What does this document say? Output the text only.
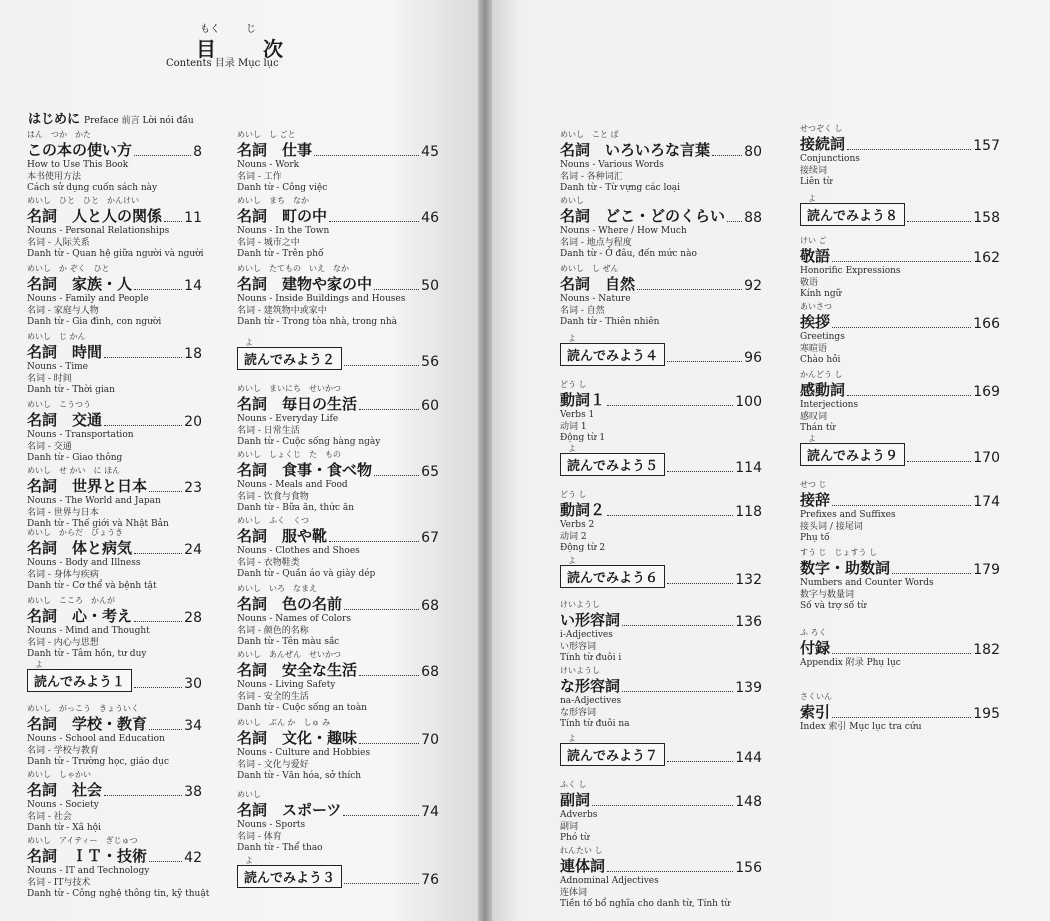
もく	じ
目 次
Contents 目录 Mục lục
はじめに Preface 前言 Lời nói đầu
はん　つか　かた
この本の使い方	8
How to Use This Book
本书使用方法
Cách sử dụng cuốn sách này
めいし　ひと　ひと　かんけい
名詞　人と人の関係 11
Nouns - Personal Relationships
名词 - 人际关系
Danh từ - Quan hệ giữa người và người
めいし　か ぞく　ひと
名詞　家族・人	14
Nouns - Family and People
名词 - 家庭与人物
Danh từ - Gia đình, con người
めいし　じ かん
名詞　時間	18
Nouns - Time
名词 - 时间
Danh từ - Thời gian
めいし　こうつう
名詞　交通	20
Nouns - Transportation
名词 - 交通
Danh từ - Giao thông
めいし　せ かい　に ほん
名詞　世界と日本	23
Nouns - The World and Japan
名词 - 世界与日本
Danh từ - Thế giới và Nhật Bản
めいし　からだ　びょうき
名詞　体と病気	24
Nouns - Body and Illness
名词 - 身体与疾病
Danh từ - Cơ thể và bệnh tật
めいし　こころ　かんが
名詞　心・考え	28
Nouns - Mind and Thought
名词 - 内心与思想
Danh từ - Tâm hồn, tư duy
よ
読んでみよう１	30
めいし　がっこう　きょういく
名詞　学校・教育	34
Nouns - School and Education
名词 - 学校与教育
Danh từ - Trường học, giáo dục
めいし　しゃかい
名詞　社会	38
Nouns - Society
名词 - 社会
Danh từ - Xã hội
めいし　アイティー　ぎじゅつ
名詞　ＩＴ・技術	42
Nouns - IT and Technology
名词 - IT与技术
Danh từ - Công nghệ thông tin, kỹ thuật
めいし　し ごと
名詞　仕事	45
Nouns - Work
名词 - 工作
Danh từ - Công việc
めいし　まち　なか
名詞　町の中	46
Nouns - In the Town
名词 - 城市之中
Danh từ - Trên phố
めいし　たてもの　いえ　なか
名詞　建物や家の中	50
Nouns - Inside Buildings and Houses
名词 - 建筑物中或家中
Danh từ - Trong tòa nhà, trong nhà
よ
読んでみよう２	56
めいし　まいにち　せいかつ
名詞　毎日の生活	60
Nouns - Everyday Life
名词 - 日常生活
Danh từ - Cuộc sống hàng ngày
めいし　しょくじ　た　もの
名詞　食事・食べ物	65
Nouns - Meals and Food
名词 - 饮食与食物
Danh từ - Bữa ăn, thức ăn
めいし　ふく　くつ
名詞　服や靴	67
Nouns - Clothes and Shoes
名词 - 衣物鞋类
Danh từ - Quần áo và giày dép
めいし　いろ　なまえ
名詞　色の名前	68
Nouns - Names of Colors
名词 - 颜色的名称
Danh từ - Tên màu sắc
めいし　あんぜん　せいかつ
名詞　安全な生活	68
Nouns - Living Safety
名词 - 安全的生活
Danh từ - Cuộc sống an toàn
めいし　ぶん か　しゅ み
名詞　文化・趣味	70
Nouns - Culture and Hobbies
名词 - 文化与爱好
Danh từ - Văn hóa, sở thích
めいし
名詞　スポーツ	74
Nouns - Sports
名词 - 体育
Danh từ - Thể thao
よ
読んでみよう３	76
めいし　こと ば
名詞　いろいろな言葉 80
Nouns - Various Words
名词 - 各种词汇
Danh từ - Từ vựng các loại
めいし
名詞　どこ・どのくらい 88
Nouns - Where / How Much
名词 - 地点与程度
Danh từ - Ở đâu, đến mức nào
めいし　し ぜん
名詞　自然	92
Nouns - Nature
名词 - 自然
Danh từ - Thiên nhiên
よ
読んでみよう４	96
どう し
動詞１	100
Verbs 1
动词 1
Động từ 1
よ
読んでみよう５	114
どう し
動詞２	118
Verbs 2
动词 2
Động từ 2
よ
読んでみよう６	132
けいようし
い形容詞	136
i-Adjectives
い形容词
Tính từ đuôi i
けいようし
な形容詞	139
na-Adjectives
な形容词
Tính từ đuôi na
よ
読んでみよう７	144
ふく し
副詞	148
Adverbs
副词
Phó từ
れんたい し
連体詞	156
Adnominal Adjectives
连体词
Tiền tố bổ nghĩa cho danh từ, Tính từ
せつぞく し
接続詞	157
Conjunctions
接续词
Liên từ
よ
読んでみよう８	158
けい ご
敬語	162
Honorific Expressions
敬语
Kính ngữ
あいさつ
挨拶	166
Greetings
寒暄语
Chào hỏi
かんどう し
感動詞	169
Interjections
感叹词
Thán từ
よ
読んでみよう９	170
せつ じ
接辞	174
Prefixes and Suffixes
接头词 / 接尾词
Phụ tố
すう じ　じょすう し
数字・助数詞	179
Numbers and Counter Words
数字与数量词
Số và trợ số từ
ふ ろく
付録	182
Appendix 附录 Phụ lục
さくいん
索引	195
Index 索引 Mục lục tra cứu
